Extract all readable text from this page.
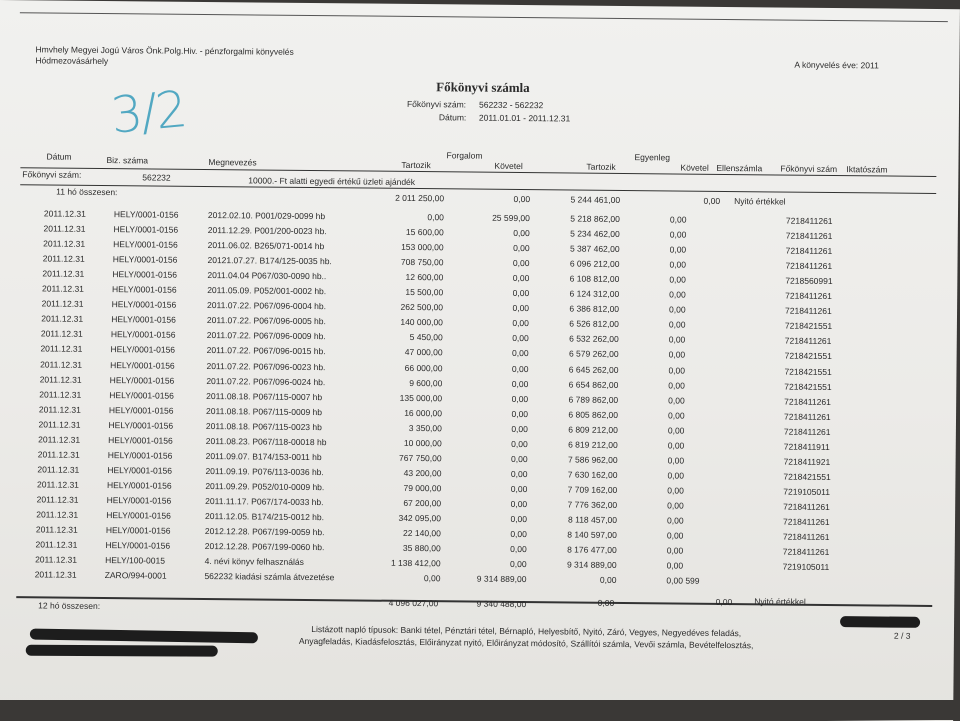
Hmvhely Megyei Jogú Város Önk.Polg.Hiv. - pénzforgalmi könyvelés
Hódmezovásárhely	A könyvelés éve: 2011
Főkönyvi számla
Főkönyvi szám: 562232 - 562232
Dátum: 2011.01.01 - 2011.12.31
3/2
Forgalom	Egyenleg
Dátum	Biz. száma	Megnevezés	Tartozik	Követel	Tartozik	Követel Ellenszámla Főkönyvi szám Iktatószám
Főkönyvi szám:	562232	10000.- Ft alatti egyedi értékű üzleti ajándék
11 hó összesen:
2 011 250,00	0,00	5 244 461,00	0,00 Nyitó értékkel
2011.12.31	HELY/0001-0156	2012.02.10. P001/029-0099 hb	0,00	25 599,00	5 218 862,00	0,00	7218411261
2011.12.31	HELY/0001-0156	2011.12.29. P001/200-0023 hb.	15 600,00	0,00	5 234 462,00	0,00	7218411261
2011.12.31	HELY/0001-0156	2011.06.02. B265/071-0014 hb	153 000,00	0,00	5 387 462,00	0,00	7218411261
2011.12.31	HELY/0001-0156	20121.07.27. B174/125-0035 hb.	708 750,00	0,00	6 096 212,00	0,00	7218411261
2011.12.31	HELY/0001-0156	2011.04.04 P067/030-0090 hb..	12 600,00	0,00	6 108 812,00	0,00	7218560991
2011.12.31	HELY/0001-0156	2011.05.09. P052/001-0002 hb.	15 500,00	0,00	6 124 312,00	0,00	7218411261
2011.12.31	HELY/0001-0156	2011.07.22. P067/096-0004 hb.	262 500,00	0,00	6 386 812,00	0,00	7218411261
2011.12.31	HELY/0001-0156	2011.07.22. P067/096-0005 hb.	140 000,00	0,00	6 526 812,00	0,00	7218421551
2011.12.31	HELY/0001-0156	2011.07.22. P067/096-0009 hb.	5 450,00	0,00	6 532 262,00	0,00	7218411261
2011.12.31	HELY/0001-0156	2011.07.22. P067/096-0015 hb.	47 000,00	0,00	6 579 262,00	0,00	7218421551
2011.12.31	HELY/0001-0156	2011.07.22. P067/096-0023 hb.	66 000,00	0,00	6 645 262,00	0,00	7218421551
2011.12.31	HELY/0001-0156	2011.07.22. P067/096-0024 hb.	9 600,00	0,00	6 654 862,00	0,00	7218421551
2011.12.31	HELY/0001-0156	2011.08.18. P067/115-0007 hb	135 000,00	0,00	6 789 862,00	0,00	7218411261
2011.12.31	HELY/0001-0156	2011.08.18. P067/115-0009 hb	16 000,00	0,00	6 805 862,00	0,00	7218411261
2011.12.31	HELY/0001-0156	2011.08.18. P067/115-0023 hb	3 350,00	0,00	6 809 212,00	0,00	7218411261
2011.12.31	HELY/0001-0156	2011.08.23. P067/118-00018 hb	10 000,00	0,00	6 819 212,00	0,00	7218411911
2011.12.31	HELY/0001-0156	2011.09.07. B174/153-0011 hb	767 750,00	0,00	7 586 962,00	0,00	7218411921
2011.12.31	HELY/0001-0156	2011.09.19. P076/113-0036 hb.	43 200,00	0,00	7 630 162,00	0,00	7218421551
2011.12.31	HELY/0001-0156	2011.09.29. P052/010-0009 hb.	79 000,00	0,00	7 709 162,00	0,00	7219105011
2011.12.31	HELY/0001-0156	2011.11.17. P067/174-0033 hb.	67 200,00	0,00	7 776 362,00	0,00	7218411261
2011.12.31	HELY/0001-0156	2011.12.05. B174/215-0012 hb.	342 095,00	0,00	8 118 457,00	0,00	7218411261
2011.12.31	HELY/0001-0156	2012.12.28. P067/199-0059 hb.	22 140,00	0,00	8 140 597,00	0,00	7218411261
2011.12.31	HELY/0001-0156	2012.12.28. P067/199-0060 hb.	35 880,00	0,00	8 176 477,00	0,00	7218411261
2011.12.31	HELY/100-0015	4. névi könyv felhasználás	1 138 412,00	0,00	9 314 889,00	0,00	7219105011
2011.12.31	ZARO/994-0001	562232 kiadási számla átvezetése	0,00	9 314 889,00	0,00	0,00 599
12 hó összesen:	4 096 027,00	9 340 488,00	0,00	0,00	Nyitó értékkel
Listázott napló típusok: Banki tétel, Pénztári tétel, Bérnapló, Helyesbítő, Nyitó, Záró, Vegyes, Negyedéves feladás,
Anyagfeladás, Kiadásfelosztás, Előirányzat nyitó, Előirányzat módosító, Szállítói számla, Vevői számla, Bevételfelosztás,
2 / 3
